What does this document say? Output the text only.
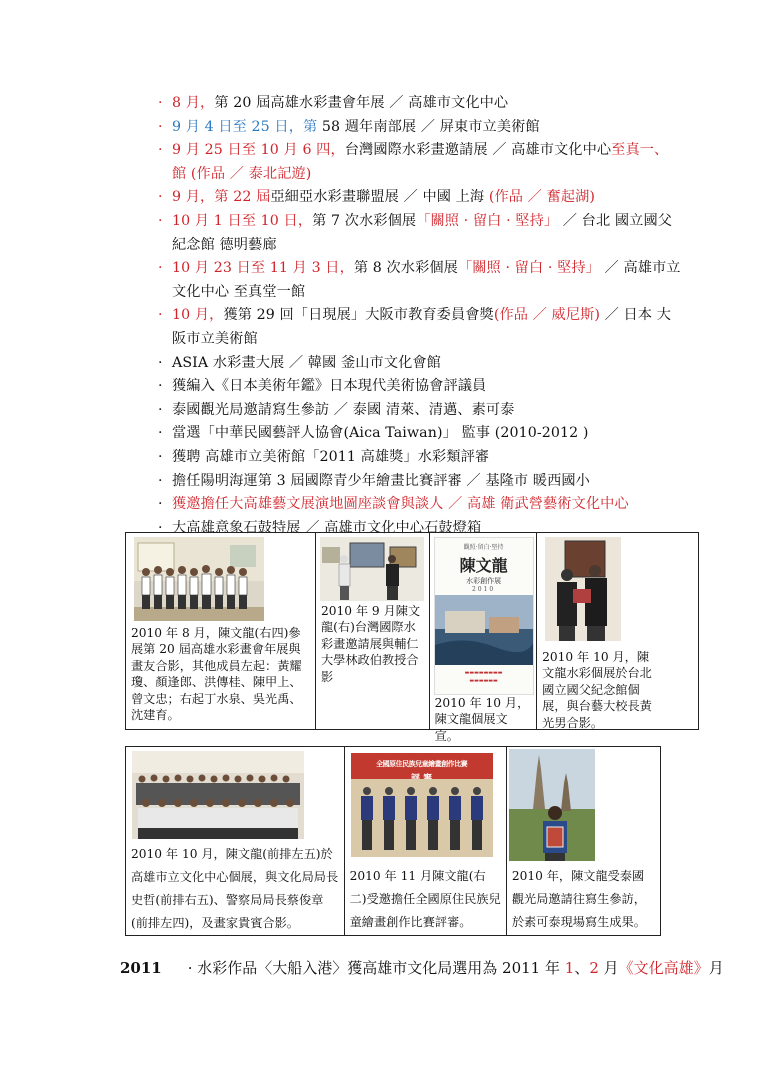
· 8 月，第 20 屆高雄水彩畫會年展 ／ 高雄市文化中心
· 9 月 4 日至 25 日，第 58 週年南部展 ／ 屏東市立美術館
· 9 月 25 日至 10 月 6 四，台灣國際水彩畫邀請展 ／ 高雄市文化中心至真一、
館 (作品 ／ 泰北記遊)
· 9 月，第 22 屆亞細亞水彩畫聯盟展 ／ 中國 上海 (作品 ／ 奮起湖)
· 10 月 1 日至 10 日，第 7 次水彩個展「關照 · 留白 · 堅持」 ／ 台北 國立國父
紀念館 德明藝廊
· 10 月 23 日至 11 月 3 日，第 8 次水彩個展「關照 · 留白 · 堅持」 ／ 高雄市立
文化中心 至真堂一館
· 10 月，獲第 29 回「日現展」大阪市教育委員會獎(作品 ／ 威尼斯) ／ 日本 大
阪市立美術館
· ASIA 水彩畫大展 ／ 韓國 釜山市文化會館
· 獲編入《日本美術年鑑》日本現代美術協會評議員
· 泰國觀光局邀請寫生參訪 ／ 泰國 清萊、清邁、素可泰
· 當選「中華民國藝評人協會(Aica Taiwan)」 監事 (2010-2012 )
· 獲聘 高雄市立美術館「2011 高雄獎」水彩類評審
· 擔任陽明海運第 3 屆國際青少年繪畫比賽評審 ／ 基隆市 暖西國小
· 獲邀擔任大高雄藝文展演地圖座談會與談人 ／ 高雄 衛武營藝術文化中心
· 大高雄意象石鼓特展 ／ 高雄市文化中心石鼓燈箱
2010 年 8 月，陳文龍(右四)參展第 20 屆高雄水彩畫會年展與畫友合影，其他成員左起：黃耀瓊、顏逢郎、洪傳桂、陳甲上、曾文忠；右起丁水泉、吳光禹、沈建育。

2010 年 9 月陳文龍(右)台灣國際水彩畫邀請展與輔仁大學林政伯教授合影

觀照·留白·堅持
陳文龍
水彩創作展
2010
▬▬▬▬▬▬▬▬
▬▬▬▬▬▬
2010 年 10 月，陳文龍個展文宣。

2010 年 10 月，陳文龍水彩個展於台北國立國父紀念館個展，與台藝大校長黃光男合影。
2010 年 10 月，陳文龍(前排左五)於高雄市立文化中心個展，與文化局局長史哲(前排右五)、警察局局長蔡俊章(前排左四)，及畫家貴賓合影。

全國原住民族兒童繪畫創作比賽
2010 年 11 月陳文龍(右二)受邀擔任全國原住民族兒童繪畫創作比賽評審。

2010 年，陳文龍受泰國觀光局邀請往寫生參訪，於素可泰現場寫生成果。
2011 · 水彩作品〈大船入港〉獲高雄市文化局選用為 2011 年 1、2 月《文化高雄》月
